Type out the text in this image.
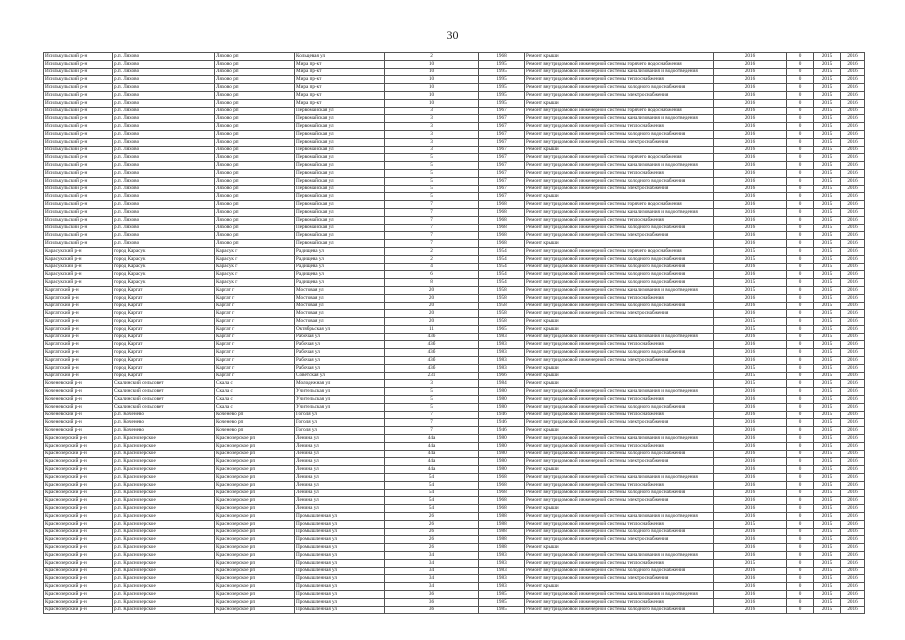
30
Исилькульский р-н	р.п. Ляхово	Ляхово рп	Кольцевая ул	2	1968	Ремонт крыши	2016	0	2015	2016
Исилькульский р-н	р.п. Ляхово	Ляхово рп	Мира пр-кт	10	1995	Ремонт внутридомовой инженерной системы горячего водоснабжения	2016	0	2015	2016
Исилькульский р-н	р.п. Ляхово	Ляхово рп	Мира пр-кт	10	1995	Ремонт внутридомовой инженерной системы канализования и водоотведения	2016	0	2015	2016
Исилькульский р-н	р.п. Ляхово	Ляхово рп	Мира пр-кт	10	1995	Ремонт внутридомовой инженерной системы теплоснабжения	2016	0	2015	2016
Исилькульский р-н	р.п. Ляхово	Ляхово рп	Мира пр-кт	10	1995	Ремонт внутридомовой инженерной системы холодного водоснабжения	2016	0	2015	2016
Исилькульский р-н	р.п. Ляхово	Ляхово рп	Мира пр-кт	10	1995	Ремонт внутридомовой инженерной системы электроснабжения	2016	0	2015	2016
Исилькульский р-н	р.п. Ляхово	Ляхово рп	Мира пр-кт	10	1995	Ремонт крыши	2016	0	2015	2016
Исилькульский р-н	р.п. Ляхово	Ляхово рп	Первомайская ул	3	1967	Ремонт внутридомовой инженерной системы горячего водоснабжения	2016	0	2015	2016
Исилькульский р-н	р.п. Ляхово	Ляхово рп	Первомайская ул	3	1967	Ремонт внутридомовой инженерной системы канализования и водоотведения	2016	0	2015	2016
Исилькульский р-н	р.п. Ляхово	Ляхово рп	Первомайская ул	3	1967	Ремонт внутридомовой инженерной системы теплоснабжения	2016	0	2015	2016
Исилькульский р-н	р.п. Ляхово	Ляхово рп	Первомайская ул	3	1967	Ремонт внутридомовой инженерной системы холодного водоснабжения	2016	0	2015	2016
Исилькульский р-н	р.п. Ляхово	Ляхово рп	Первомайская ул	3	1967	Ремонт внутридомовой инженерной системы электроснабжения	2016	0	2015	2016
Исилькульский р-н	р.п. Ляхово	Ляхово рп	Первомайская ул	3	1967	Ремонт крыши	2016	0	2015	2016
Исилькульский р-н	р.п. Ляхово	Ляхово рп	Первомайская ул	5	1967	Ремонт внутридомовой инженерной системы горячего водоснабжения	2016	0	2015	2016
Исилькульский р-н	р.п. Ляхово	Ляхово рп	Первомайская ул	5	1967	Ремонт внутридомовой инженерной системы канализования и водоотведения	2016	0	2015	2016
Исилькульский р-н	р.п. Ляхово	Ляхово рп	Первомайская ул	5	1967	Ремонт внутридомовой инженерной системы теплоснабжения	2016	0	2015	2016
Исилькульский р-н	р.п. Ляхово	Ляхово рп	Первомайская ул	5	1967	Ремонт внутридомовой инженерной системы холодного водоснабжения	2016	0	2015	2016
Исилькульский р-н	р.п. Ляхово	Ляхово рп	Первомайская ул	5	1967	Ремонт внутридомовой инженерной системы электроснабжения	2016	0	2015	2016
Исилькульский р-н	р.п. Ляхово	Ляхово рп	Первомайская ул	5	1967	Ремонт крыши	2016	0	2015	2016
Исилькульский р-н	р.п. Ляхово	Ляхово рп	Первомайская ул	7	1968	Ремонт внутридомовой инженерной системы горячего водоснабжения	2016	0	2015	2016
Исилькульский р-н	р.п. Ляхово	Ляхово рп	Первомайская ул	7	1968	Ремонт внутридомовой инженерной системы канализования и водоотведения	2016	0	2015	2016
Исилькульский р-н	р.п. Ляхово	Ляхово рп	Первомайская ул	7	1968	Ремонт внутридомовой инженерной системы теплоснабжения	2016	0	2015	2016
Исилькульский р-н	р.п. Ляхово	Ляхово рп	Первомайская ул	7	1968	Ремонт внутридомовой инженерной системы холодного водоснабжения	2016	0	2015	2016
Исилькульский р-н	р.п. Ляхово	Ляхово рп	Первомайская ул	7	1968	Ремонт внутридомовой инженерной системы электроснабжения	2016	0	2015	2016
Исилькульский р-н	р.п. Ляхово	Ляхово рп	Первомайская ул	7	1968	Ремонт крыши	2016	0	2015	2016
Карасукский р-н	город Карасук	Карасук г	Радищева ул	2	1954	Ремонт внутридомовой инженерной системы горячего водоснабжения	2015	0	2015	2016
Карасукский р-н	город Карасук	Карасук г	Радищева ул	2	1954	Ремонт внутридомовой инженерной системы холодного водоснабжения	2015	0	2015	2016
Карасукский р-н	город Карасук	Карасук г	Радищева ул	4	1954	Ремонт внутридомовой инженерной системы холодного водоснабжения	2016	0	2015	2016
Карасукский р-н	город Карасук	Карасук г	Радищева ул	6	1954	Ремонт внутридомовой инженерной системы холодного водоснабжения	2016	0	2015	2016
Карасукский р-н	город Карасук	Карасук г	Радищева ул	8	1954	Ремонт внутридомовой инженерной системы холодного водоснабжения	2015	0	2015	2016
Каргатский р-н	город Каргат	Каргат г	Мостовая ул	20	1958	Ремонт внутридомовой инженерной системы канализования и водоотведения	2015	0	2015	2016
Каргатский р-н	город Каргат	Каргат г	Мостовая ул	20	1958	Ремонт внутридомовой инженерной системы теплоснабжения	2016	0	2015	2016
Каргатский р-н	город Каргат	Каргат г	Мостовая ул	20	1958	Ремонт внутридомовой инженерной системы холодного водоснабжения	2016	0	2015	2016
Каргатский р-н	город Каргат	Каргат г	Мостовая ул	20	1958	Ремонт внутридомовой инженерной системы электроснабжения	2016	0	2015	2016
Каргатский р-н	город Каргат	Каргат г	Мостовая ул	20	1958	Ремонт крыши	2015	0	2015	2016
Каргатский р-н	город Каргат	Каргат г	Октябрьская ул	11	1965	Ремонт крыши	2015	0	2015	2016
Каргатский р-н	город Каргат	Каргат г	Рабочая ул	43б	1983	Ремонт внутридомовой инженерной системы канализования и водоотведения	2016	0	2015	2016
Каргатский р-н	город Каргат	Каргат г	Рабочая ул	43б	1983	Ремонт внутридомовой инженерной системы теплоснабжения	2016	0	2015	2016
Каргатский р-н	город Каргат	Каргат г	Рабочая ул	43б	1983	Ремонт внутридомовой инженерной системы холодного водоснабжения	2016	0	2015	2016
Каргатский р-н	город Каргат	Каргат г	Рабочая ул	43б	1983	Ремонт внутридомовой инженерной системы электроснабжения	2016	0	2015	2016
Каргатский р-н	город Каргат	Каргат г	Рабочая ул	43б	1983	Ремонт крыши	2015	0	2015	2016
Каргатский р-н	город Каргат	Каргат г	Советская ул	231	1966	Ремонт крыши	2015	0	2015	2016
Коченевский р-н	Скалинский сельсовет	Скала с	Молодежная ул	3	1984	Ремонт крыши	2015	0	2015	2016
Коченевский р-н	Скалинский сельсовет	Скала с	Учительская ул	5	1980	Ремонт внутридомовой инженерной системы канализования и водоотведения	2016	0	2015	2016
Коченевский р-н	Скалинский сельсовет	Скала с	Учительская ул	5	1980	Ремонт внутридомовой инженерной системы теплоснабжения	2016	0	2015	2016
Коченевский р-н	Скалинский сельсовет	Скала с	Учительская ул	5	1980	Ремонт внутридомовой инженерной системы холодного водоснабжения	2016	0	2015	2016
Коченевский р-н	р.п. Коченево	Коченево рп	Гоголя ул	7	1946	Ремонт внутридомовой инженерной системы теплоснабжения	2016	0	2015	2016
Коченевский р-н	р.п. Коченево	Коченево рп	Гоголя ул	7	1946	Ремонт внутридомовой инженерной системы электроснабжения	2016	0	2015	2016
Коченевский р-н	р.п. Коченево	Коченево рп	Гоголя ул	7	1946	Ремонт крыши	2016	0	2015	2016
Краснозерский р-н	р.п. Краснозерское	Краснозерское рп	Ленина ул	44а	1980	Ремонт внутридомовой инженерной системы канализования и водоотведения	2016	0	2015	2016
Краснозерский р-н	р.п. Краснозерское	Краснозерское рп	Ленина ул	44а	1980	Ремонт внутридомовой инженерной системы теплоснабжения	2016	0	2015	2016
Краснозерский р-н	р.п. Краснозерское	Краснозерское рп	Ленина ул	44а	1980	Ремонт внутридомовой инженерной системы холодного водоснабжения	2016	0	2015	2016
Краснозерский р-н	р.п. Краснозерское	Краснозерское рп	Ленина ул	44а	1980	Ремонт внутридомовой инженерной системы электроснабжения	2016	0	2015	2016
Краснозерский р-н	р.п. Краснозерское	Краснозерское рп	Ленина ул	44а	1980	Ремонт крыши	2016	0	2015	2016
Краснозерский р-н	р.п. Краснозерское	Краснозерское рп	Ленина ул	54	1968	Ремонт внутридомовой инженерной системы канализования и водоотведения	2016	0	2015	2016
Краснозерский р-н	р.п. Краснозерское	Краснозерское рп	Ленина ул	54	1968	Ремонт внутридомовой инженерной системы теплоснабжения	2016	0	2015	2016
Краснозерский р-н	р.п. Краснозерское	Краснозерское рп	Ленина ул	54	1968	Ремонт внутридомовой инженерной системы холодного водоснабжения	2016	0	2015	2016
Краснозерский р-н	р.п. Краснозерское	Краснозерское рп	Ленина ул	54	1968	Ремонт внутридомовой инженерной системы электроснабжения	2016	0	2015	2016
Краснозерский р-н	р.п. Краснозерское	Краснозерское рп	Ленина ул	54	1968	Ремонт крыши	2016	0	2015	2016
Краснозерский р-н	р.п. Краснозерское	Краснозерское рп	Промышленная ул	26	1988	Ремонт внутридомовой инженерной системы канализования и водоотведения	2016	0	2015	2016
Краснозерский р-н	р.п. Краснозерское	Краснозерское рп	Промышленная ул	26	1988	Ремонт внутридомовой инженерной системы теплоснабжения	2015	0	2015	2016
Краснозерский р-н	р.п. Краснозерское	Краснозерское рп	Промышленная ул	26	1988	Ремонт внутридомовой инженерной системы холодного водоснабжения	2016	0	2015	2016
Краснозерский р-н	р.п. Краснозерское	Краснозерское рп	Промышленная ул	26	1988	Ремонт внутридомовой инженерной системы электроснабжения	2016	0	2015	2016
Краснозерский р-н	р.п. Краснозерское	Краснозерское рп	Промышленная ул	26	1988	Ремонт крыши	2016	0	2015	2016
Краснозерский р-н	р.п. Краснозерское	Краснозерское рп	Промышленная ул	34	1983	Ремонт внутридомовой инженерной системы канализования и водоотведения	2016	0	2015	2016
Краснозерский р-н	р.п. Краснозерское	Краснозерское рп	Промышленная ул	34	1983	Ремонт внутридомовой инженерной системы теплоснабжения	2015	0	2015	2016
Краснозерский р-н	р.п. Краснозерское	Краснозерское рп	Промышленная ул	34	1983	Ремонт внутридомовой инженерной системы холодного водоснабжения	2016	0	2015	2016
Краснозерский р-н	р.п. Краснозерское	Краснозерское рп	Промышленная ул	34	1983	Ремонт внутридомовой инженерной системы электроснабжения	2016	0	2015	2016
Краснозерский р-н	р.п. Краснозерское	Краснозерское рп	Промышленная ул	34	1983	Ремонт крыши	2016	0	2015	2016
Краснозерский р-н	р.п. Краснозерское	Краснозерское рп	Промышленная ул	36	1985	Ремонт внутридомовой инженерной системы канализования и водоотведения	2016	0	2015	2016
Краснозерский р-н	р.п. Краснозерское	Краснозерское рп	Промышленная ул	36	1985	Ремонт внутридомовой инженерной системы теплоснабжения	2016	0	2015	2016
Краснозерский р-н	р.п. Краснозерское	Краснозерское рп	Промышленная ул	36	1985	Ремонт внутридомовой инженерной системы холодного водоснабжения	2016	0	2015	2016
